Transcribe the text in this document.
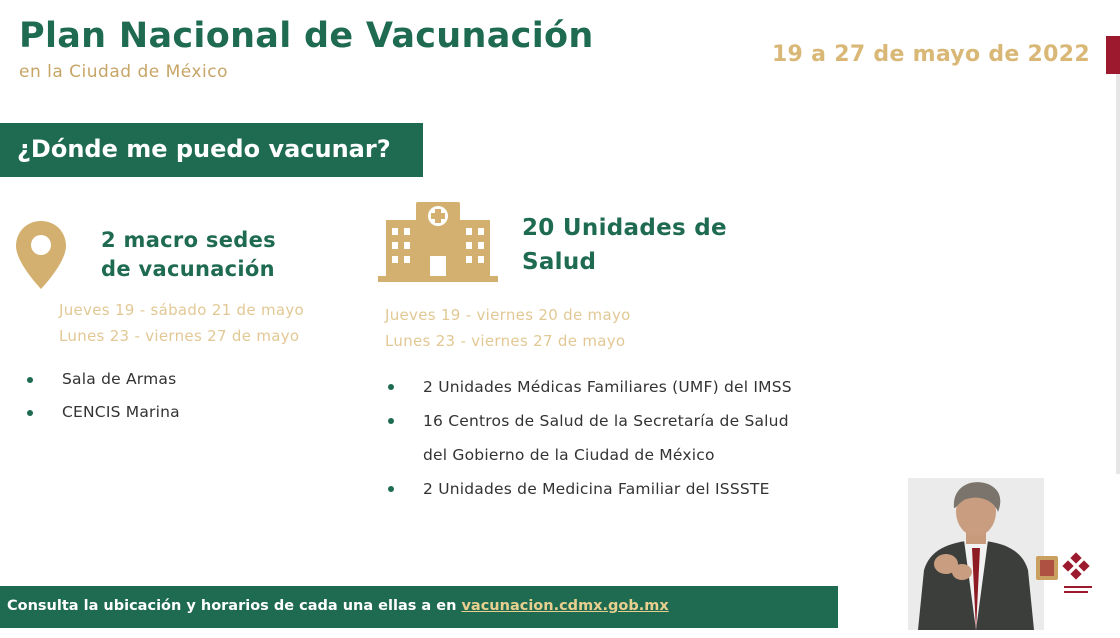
Plan Nacional de Vacunación
en la Ciudad de México
19 a 27 de mayo de 2022
¿Dónde me puedo vacunar?
2 macro sedes
de vacunación
Jueves 19 - sábado 21 de mayo
Lunes 23 - viernes 27 de mayo
Sala de Armas
CENCIS Marina
20 Unidades de
Salud
Jueves 19 - viernes 20 de mayo
Lunes 23 - viernes 27 de mayo
2 Unidades Médicas Familiares (UMF) del IMSS
16 Centros de Salud de la Secretaría de Salud
del Gobierno de la Ciudad de México
2 Unidades de Medicina Familiar del ISSSTE
Consulta la ubicación y horarios de cada una ellas a en vacunacion.cdmx.gob.mx
